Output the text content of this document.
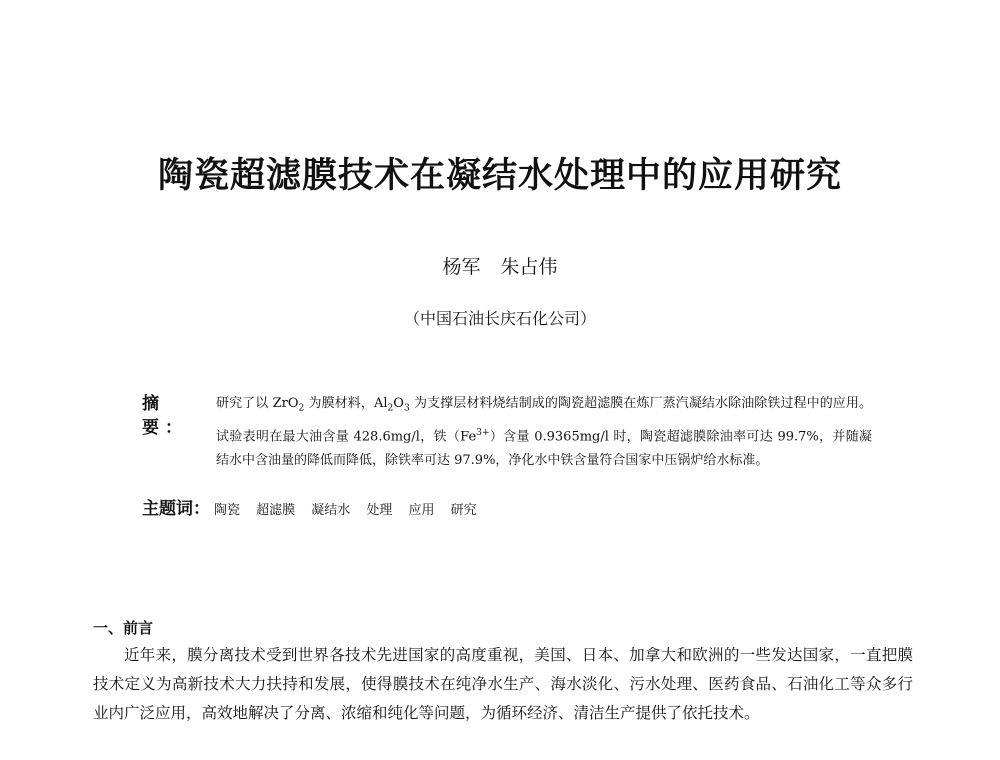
陶瓷超滤膜技术在凝结水处理中的应用研究
杨军 朱占伟
（中国石油长庆石化公司）
摘 要：
研究了以 ZrO$_2$ 为膜材料，$Al_2O_3$ 为支撑层材料烧结制成的陶瓷超滤膜在炼厂蒸汽凝结水除油除铁过程中的应用。试验表明在最大油含量 428.6mg/l，铁$(Fe^{3+})$含量 0.9365mg/l 时，陶瓷超滤膜除油率可达 99.7%，并随凝结水中含油量的降低而降低，除铁率可达 97.9%，净化水中铁含量符合国家中压锅炉给水标准。
主题词： 陶瓷 超滤膜 凝结水 处理 应用 研究
一、前言
近年来，膜分离技术受到世界各技术先进国家的高度重视，美国、日本、加拿大和欧洲的一些发达国家，一直把膜技术定义为高新技术大力扶持和发展，使得膜技术在纯净水生产、海水淡化、污水处理、医药食品、石油化工等众多行业内广泛应用，高效地解决了分离、浓缩和纯化等问题，为循环经济、清洁生产提供了依托技术。
